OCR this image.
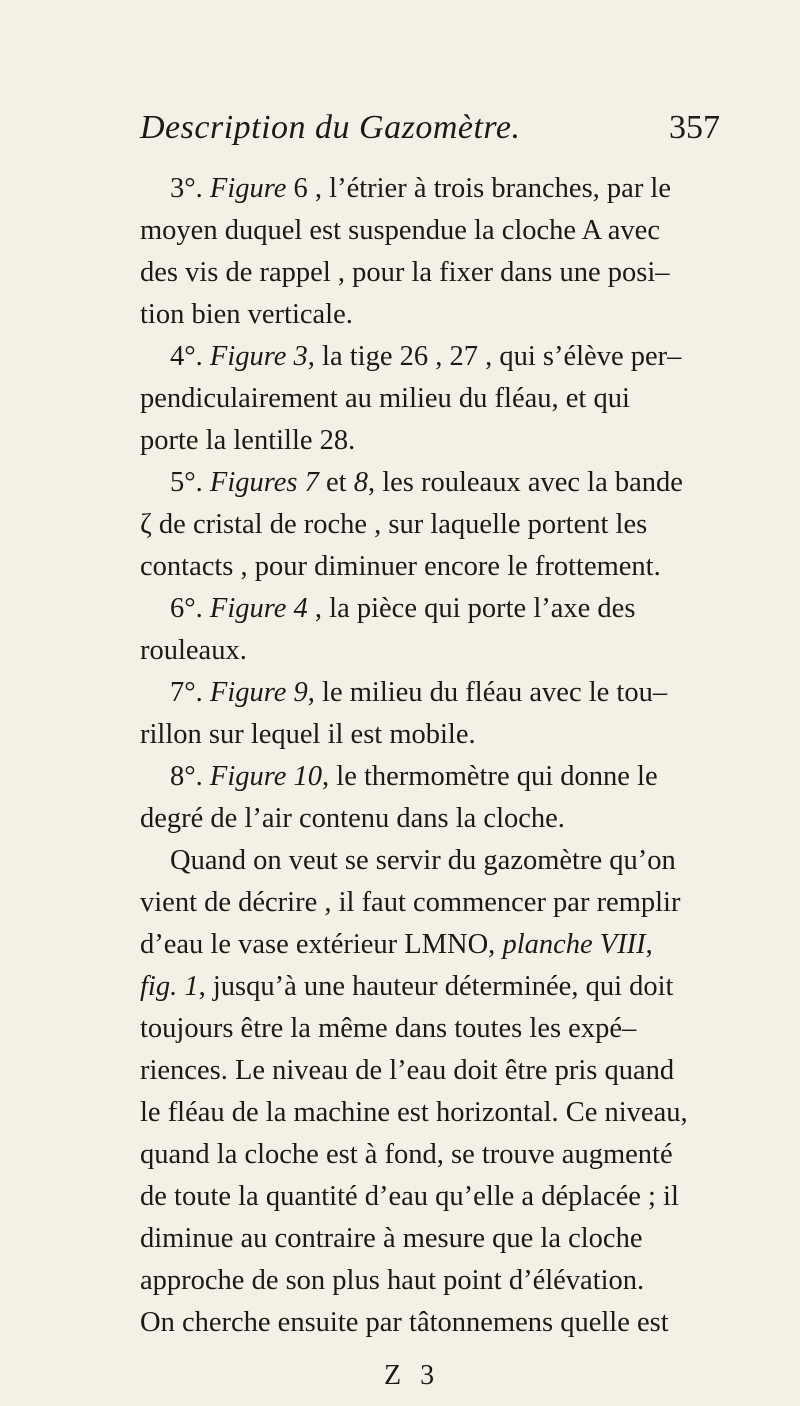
Description du Gazomètre.	357
3°. Figure 6 , l’étrier à trois branches, par le
moyen duquel est suspendue la cloche A avec
des vis de rappel , pour la fixer dans une posi–
tion bien verticale.
4°. Figure 3, la tige 26 , 27 , qui s’élève per–
pendiculairement au milieu du fléau, et qui
porte la lentille 28.
5°. Figures 7 et 8, les rouleaux avec la bande
ζ de cristal de roche , sur laquelle portent les
contacts , pour diminuer encore le frottement.
6°. Figure 4 , la pièce qui porte l’axe des
rouleaux.
7°. Figure 9, le milieu du fléau avec le tou–
rillon sur lequel il est mobile.
8°. Figure 10, le thermomètre qui donne le
degré de l’air contenu dans la cloche.
Quand on veut se servir du gazomètre qu’on
vient de décrire , il faut commencer par remplir
d’eau le vase extérieur LMNO, planche VIII,
fig. 1, jusqu’à une hauteur déterminée, qui doit
toujours être la même dans toutes les expé–
riences. Le niveau de l’eau doit être pris quand
le fléau de la machine est horizontal. Ce niveau,
quand la cloche est à fond, se trouve augmenté
de toute la quantité d’eau qu’elle a déplacée ; il
diminue au contraire à mesure que la cloche
approche de son plus haut point d’élévation.
On cherche ensuite par tâtonnemens quelle est
Z 3
